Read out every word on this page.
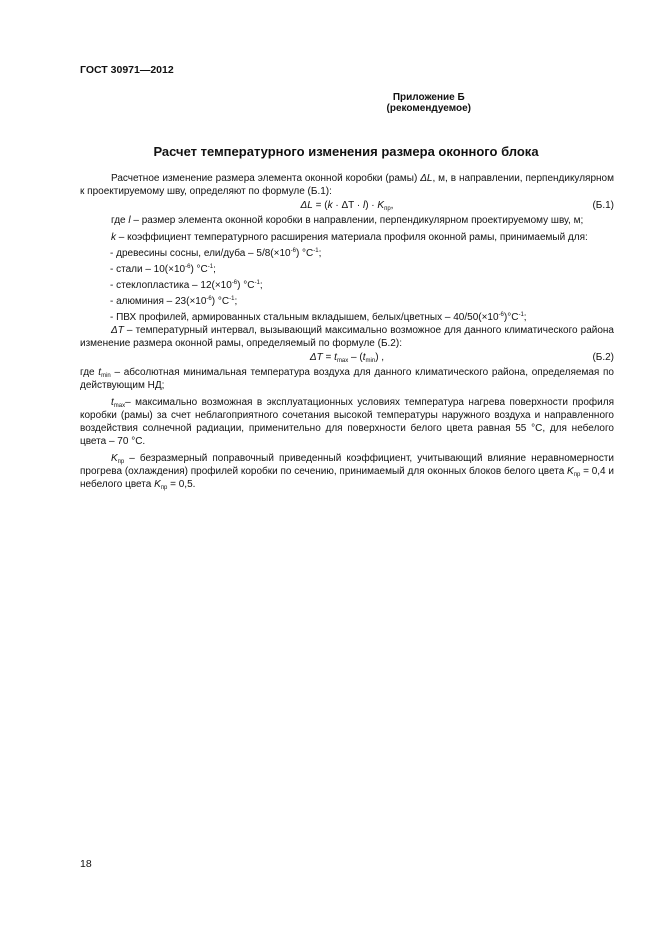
ГОСТ 30971—2012
Приложение Б
(рекомендуемое)
Расчет температурного изменения размера оконного блока

Расчетное изменение размера элемента оконной коробки (рамы) ΔL, м, в направлении, перпендикулярном к проектируемому шву, определяют по формуле (Б.1):

$\Delta L = (k \cdot \Delta T \cdot l) \cdot K_{пр}$,	(Б.1)

где l – размер элемента оконной коробки в направлении, перпендикулярном проектируемому шву, м;

k – коэффициент температурного расширения материала профиля оконной рамы, принимаемый для:

- древесины сосны, ели/дуба – $5/8(\times 10^{-6})$ $^\circ C^{-1}$;

- стали – $10(\times 10^{-6})$ $^\circ C^{-1}$;

- стеклопластика – $12(\times 10^{-6})$ $^\circ C^{-1}$;

- алюминия – $23(\times 10^{-6})$ $^\circ C^{-1}$;

- ПВХ профилей, армированных стальным вкладышем, белых/цветных – $40/50(\times 10^{-6})^\circ C^{-1}$;

ΔT – температурный интервал, вызывающий максимально возможное для данного климатического района изменение размера оконной рамы, определяемый по формуле (Б.2):

$\Delta T = t_{max} - (t_{min})$ ,	(Б.2)

где $t_{min}$ – абсолютная минимальная температура воздуха для данного климатического района, определяемая по действующим НД;

$t_{max}-$ максимально возможная в эксплуатационных условиях температура нагрева поверхности профиля коробки (рамы) за счет неблагоприятного сочетания высокой температуры наружного воздуха и направленного воздействия солнечной радиации, применительно для поверхности белого цвета равная 55 °C, для небелого цвета – 70 °C.

$K_{пр}$ – безразмерный поправочный приведенный коэффициент, учитывающий влияние неравномерности прогрева (охлаждения) профилей коробки по сечению, принимаемый для оконных блоков белого цвета $K_{пр} = 0,4$ и небелого цвета $K_{пр} = 0,5$.

18
